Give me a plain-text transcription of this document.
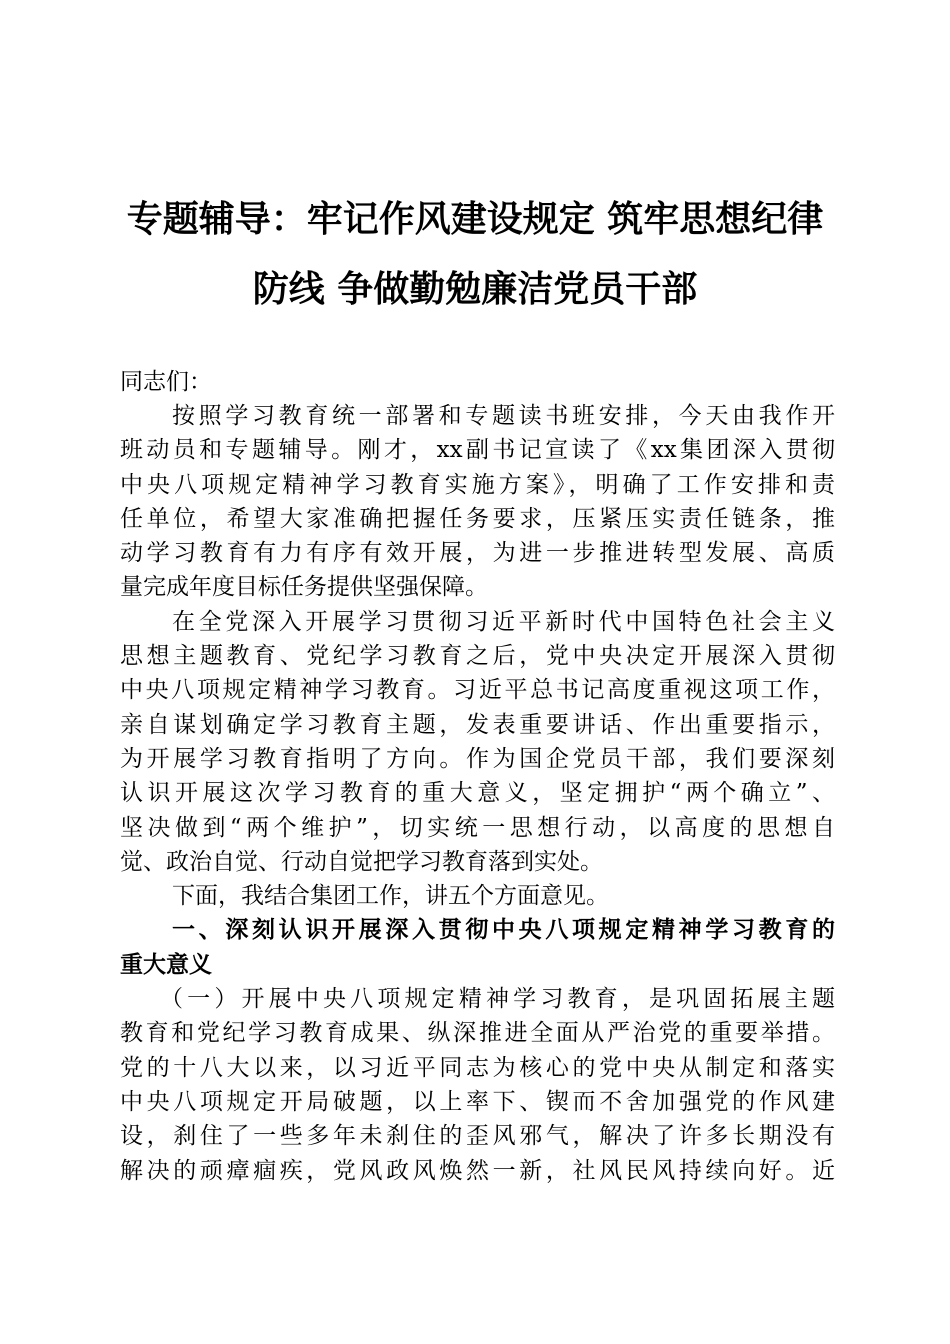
专题辅导：牢记作风建设规定 筑牢思想纪律
防线 争做勤勉廉洁党员干部
同志们：
按照学习教育统一部署和专题读书班安排，今天由我作开
班动员和专题辅导。刚才，xx副书记宣读了《xx集团深入贯彻
中央八项规定精神学习教育实施方案》，明确了工作安排和责
任单位，希望大家准确把握任务要求，压紧压实责任链条，推
动学习教育有力有序有效开展，为进一步推进转型发展、高质
量完成年度目标任务提供坚强保障。
在全党深入开展学习贯彻习近平新时代中国特色社会主义
思想主题教育、党纪学习教育之后，党中央决定开展深入贯彻
中央八项规定精神学习教育。习近平总书记高度重视这项工作，
亲自谋划确定学习教育主题，发表重要讲话、作出重要指示，
为开展学习教育指明了方向。作为国企党员干部，我们要深刻
认识开展这次学习教育的重大意义，坚定拥护“两个确立”、
坚决做到“两个维护”，切实统一思想行动，以高度的思想自
觉、政治自觉、行动自觉把学习教育落到实处。
下面，我结合集团工作，讲五个方面意见。
一、深刻认识开展深入贯彻中央八项规定精神学习教育的
重大意义
（一）开展中央八项规定精神学习教育，是巩固拓展主题
教育和党纪学习教育成果、纵深推进全面从严治党的重要举措。
党的十八大以来，以习近平同志为核心的党中央从制定和落实
中央八项规定开局破题，以上率下、锲而不舍加强党的作风建
设，刹住了一些多年未刹住的歪风邪气，解决了许多长期没有
解决的顽瘴痼疾，党风政风焕然一新，社风民风持续向好。近
